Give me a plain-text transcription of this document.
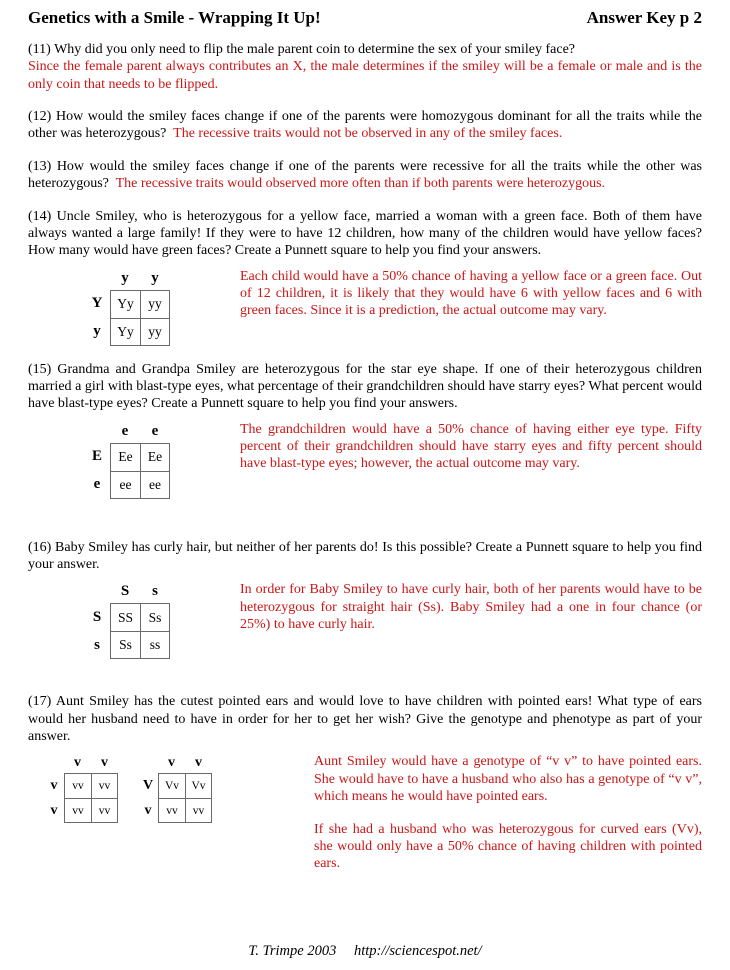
Genetics with a Smile - Wrapping It Up!	Answer Key p 2

(11) Why did you only need to flip the male parent coin to determine the sex of your smiley face?

Since the female parent always contributes an X, the male determines if the smiley will be a female or male and is the only coin that needs to be flipped.

(12) How would the smiley faces change if one of the parents were homozygous dominant for all the traits while the other was heterozygous? The recessive traits would not be observed in any of the smiley faces.

(13) How would the smiley faces change if one of the parents were recessive for all the traits while the other was heterozygous? The recessive traits would observed more often than if both parents were heterozygous.

(14) Uncle Smiley, who is heterozygous for a yellow face, married a woman with a green face. Both of them have always wanted a large family! If they were to have 12 children, how many of the children would have yellow faces? How many would have green faces? Create a Punnett square to help you find your answers.

y	y
Y	Yy	yy
y	Yy	yy
Each child would have a 50% chance of having a yellow face or a green face. Out of 12 children, it is likely that they would have 6 with yellow faces and 6 with green faces. Since it is a prediction, the actual outcome may vary.

(15) Grandma and Grandpa Smiley are heterozygous for the star eye shape. If one of their heterozygous children married a girl with blast-type eyes, what percentage of their grandchildren should have starry eyes? What percent would have blast-type eyes? Create a Punnett square to help you find your answers.

e	e
E	Ee	Ee
e	ee	ee
The grandchildren would have a 50% chance of having either eye type. Fifty percent of their grandchildren should have starry eyes and fifty percent should have blast-type eyes; however, the actual outcome may vary.

(16) Baby Smiley has curly hair, but neither of her parents do! Is this possible? Create a Punnett square to help you find your answer.

S	s
S	SS	Ss
s	Ss	ss
In order for Baby Smiley to have curly hair, both of her parents would have to be heterozygous for straight hair (Ss). Baby Smiley had a one in four chance (or 25%) to have curly hair.

(17) Aunt Smiley has the cutest pointed ears and would love to have children with pointed ears! What type of ears would her husband need to have in order for her to get her wish? Give the genotype and phenotype as part of your answer.

v	v
v	vv	vv
v	vv	vv
v	v
V	Vv	Vv
v	vv	vv
Aunt Smiley would have a genotype of “v v” to have pointed ears. She would have to have a husband who also has a genotype of “v v”, which means he would have pointed ears.
If she had a husband who was heterozygous for curved ears (Vv), she would only have a 50% chance of having children with pointed ears.
T. Trimpe 2003 http://sciencespot.net/
